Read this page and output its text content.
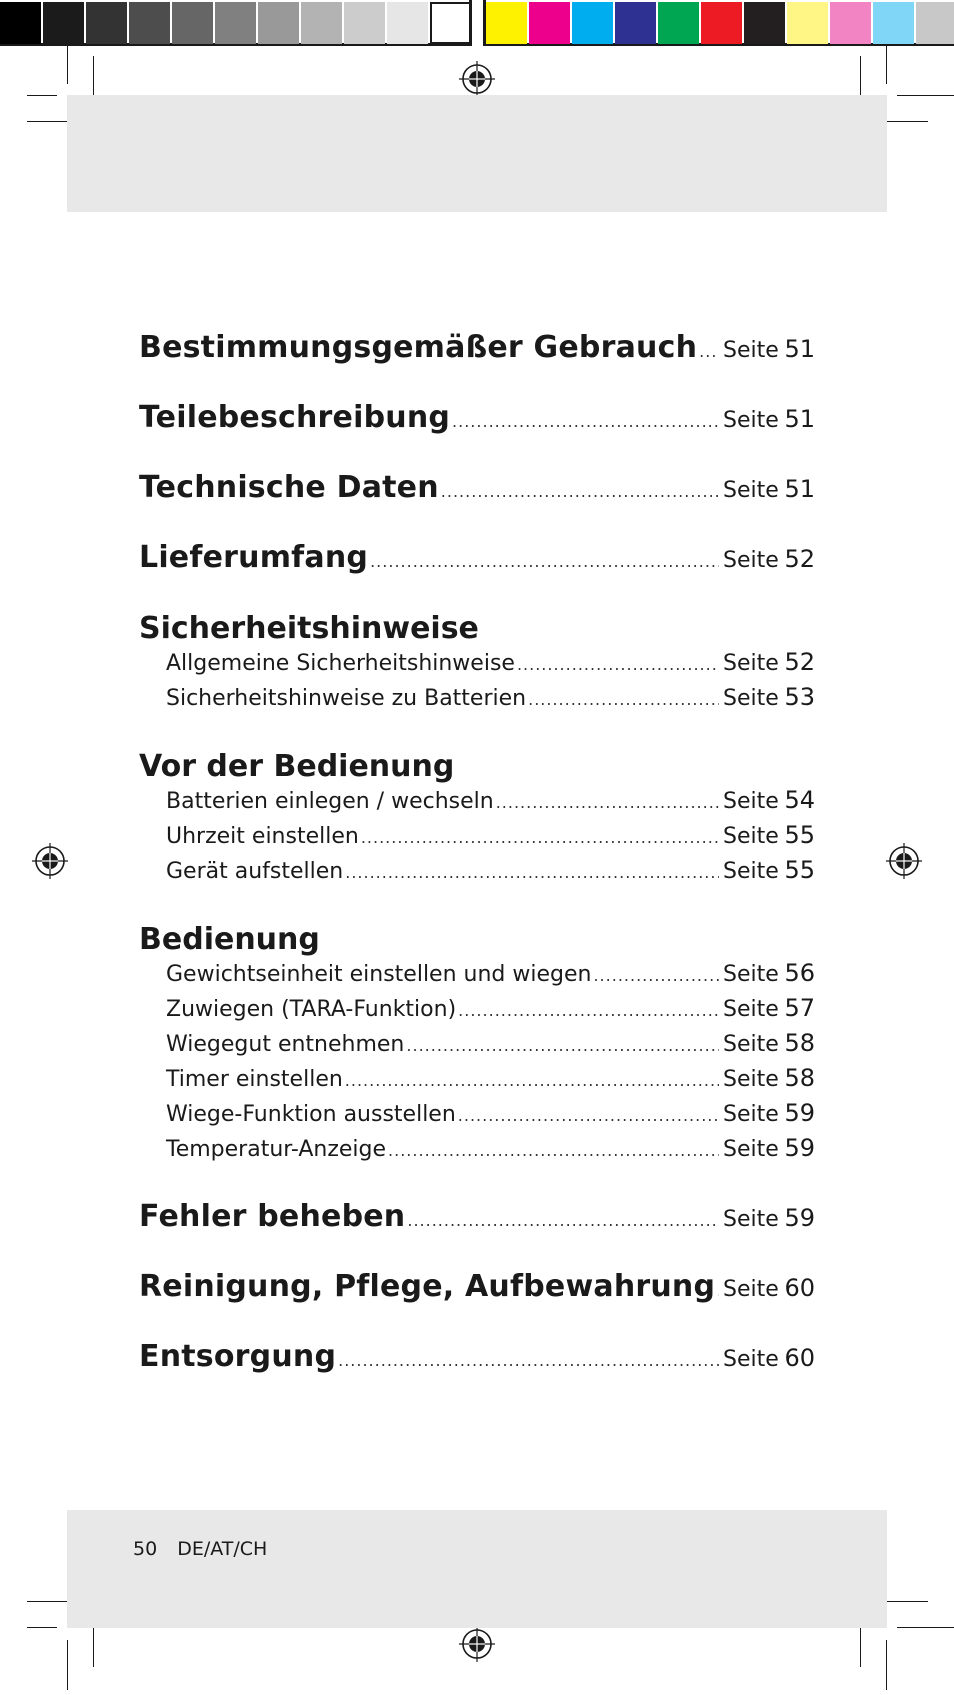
Bestimmungsgemäßer Gebrauch ..... Seite 51
Teilebeschreibung .....	Seite 51
Technische Daten .....	Seite 51
Lieferumfang .....	Seite 52
Sicherheitshinweise
Allgemeine Sicherheitshinweise .....	Seite 52
Sicherheitshinweise zu Batterien .....	Seite 53
Vor der Bedienung
Batterien einlegen / wechseln .....	Seite 54
Uhrzeit einstellen .....	Seite 55
Gerät aufstellen .....	Seite 55
Bedienung
Gewichtseinheit einstellen und wiegen .....	Seite 56
Zuwiegen (TARA-Funktion) .....	Seite 57
Wiegegut entnehmen .....	Seite 58
Timer einstellen .....	Seite 58
Wiege-Funktion ausstellen .....	Seite 59
Temperatur-Anzeige .....	Seite 59
Fehler beheben .....	Seite 59
Reinigung, Pflege, Aufbewahrung ..... Seite 60
Entsorgung .....	Seite 60
50 DE/AT/CH
